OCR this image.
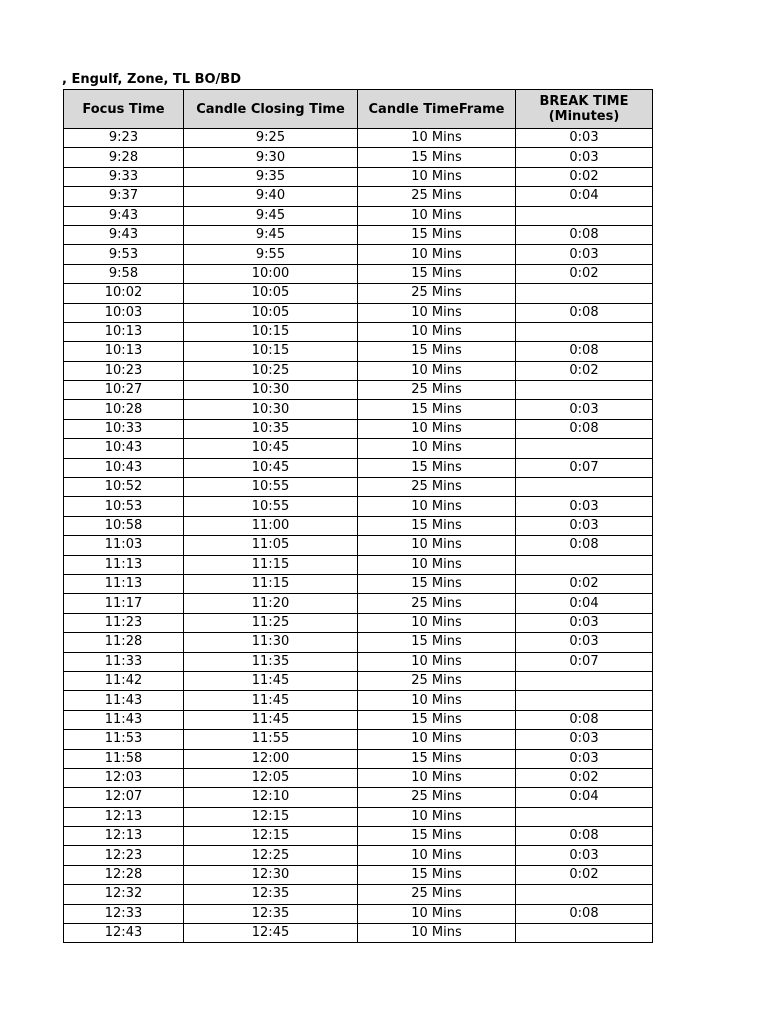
, Engulf, Zone, TL BO/BD
Focus Time	Candle Closing Time	Candle TimeFrame	BREAK TIME
(Minutes)
9:23	9:25	10 Mins	0:03
9:28	9:30	15 Mins	0:03
9:33	9:35	10 Mins	0:02
9:37	9:40	25 Mins	0:04
9:43	9:45	10 Mins	
9:43	9:45	15 Mins	0:08
9:53	9:55	10 Mins	0:03
9:58	10:00	15 Mins	0:02
10:02	10:05	25 Mins	
10:03	10:05	10 Mins	0:08
10:13	10:15	10 Mins	
10:13	10:15	15 Mins	0:08
10:23	10:25	10 Mins	0:02
10:27	10:30	25 Mins	
10:28	10:30	15 Mins	0:03
10:33	10:35	10 Mins	0:08
10:43	10:45	10 Mins	
10:43	10:45	15 Mins	0:07
10:52	10:55	25 Mins	
10:53	10:55	10 Mins	0:03
10:58	11:00	15 Mins	0:03
11:03	11:05	10 Mins	0:08
11:13	11:15	10 Mins	
11:13	11:15	15 Mins	0:02
11:17	11:20	25 Mins	0:04
11:23	11:25	10 Mins	0:03
11:28	11:30	15 Mins	0:03
11:33	11:35	10 Mins	0:07
11:42	11:45	25 Mins	
11:43	11:45	10 Mins	
11:43	11:45	15 Mins	0:08
11:53	11:55	10 Mins	0:03
11:58	12:00	15 Mins	0:03
12:03	12:05	10 Mins	0:02
12:07	12:10	25 Mins	0:04
12:13	12:15	10 Mins	
12:13	12:15	15 Mins	0:08
12:23	12:25	10 Mins	0:03
12:28	12:30	15 Mins	0:02
12:32	12:35	25 Mins	
12:33	12:35	10 Mins	0:08
12:43	12:45	10 Mins	
